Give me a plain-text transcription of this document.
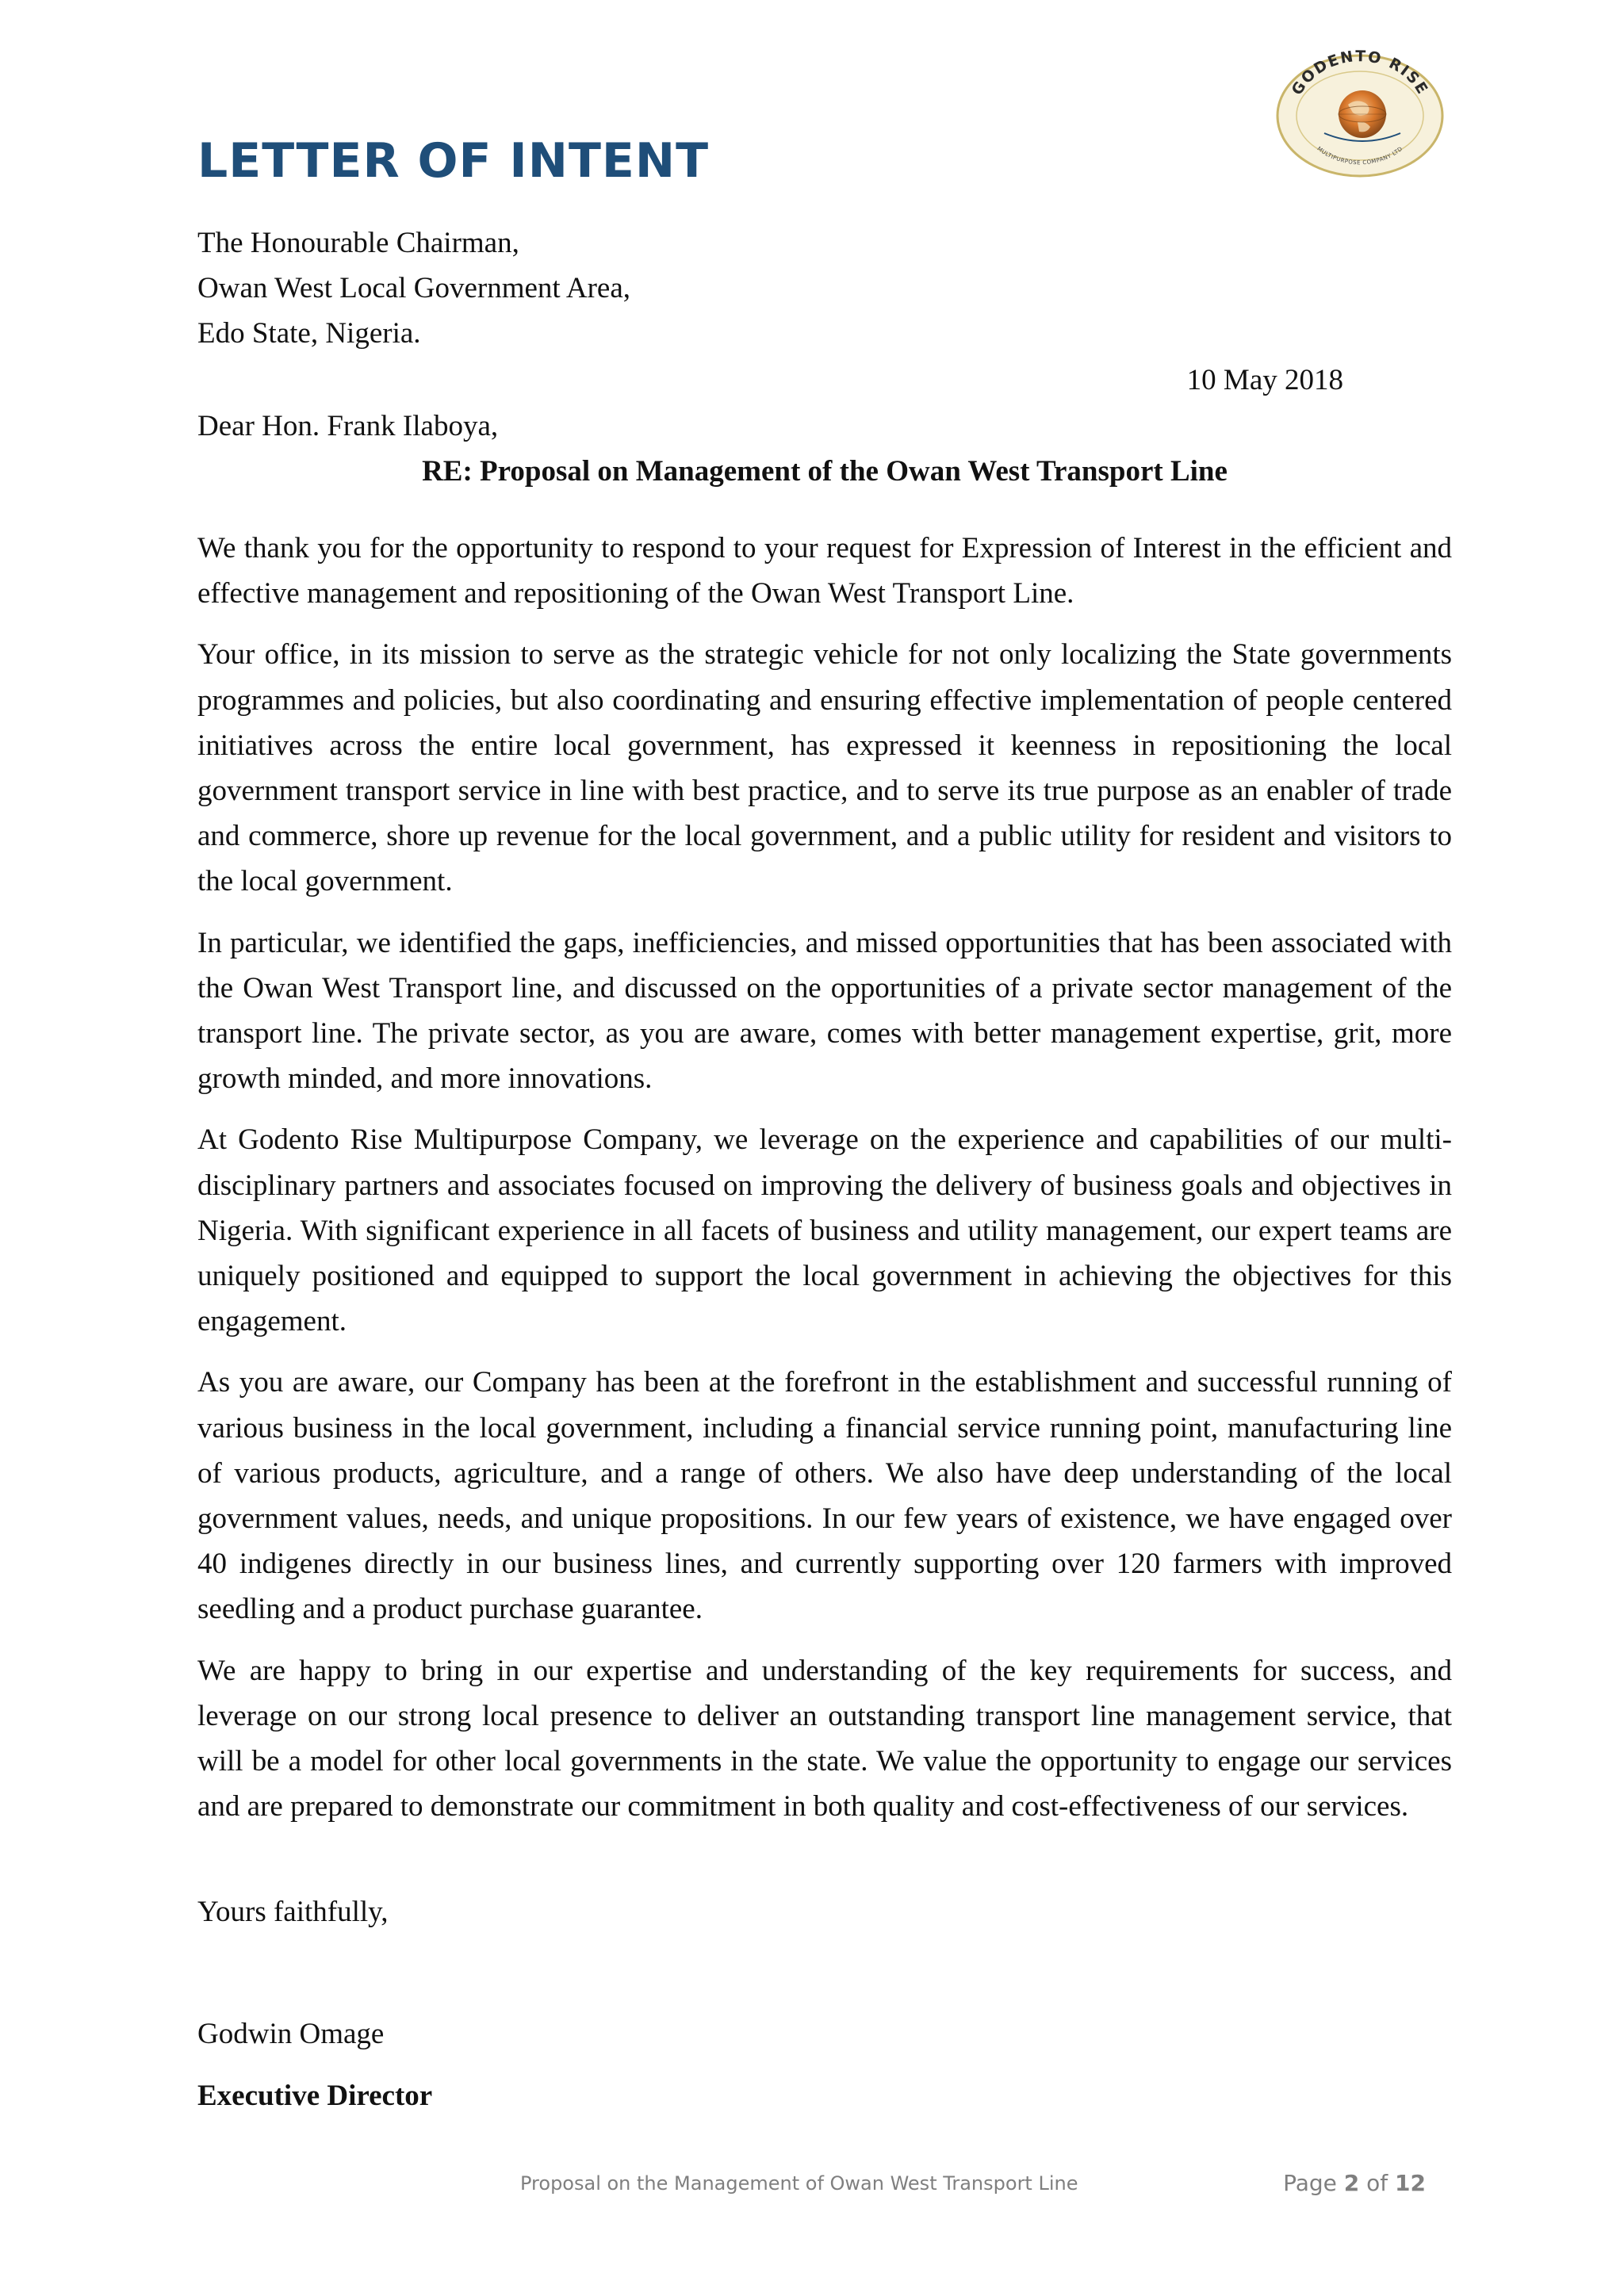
LETTER OF INTENT
GODENTO RISE
MULTIPURPOSE COMPANY LTD
The Honourable Chairman,
Owan West Local Government Area,
Edo State, Nigeria.
10 May 2018
Dear Hon. Frank Ilaboya,
RE: Proposal on Management of the Owan West Transport Line

We thank you for the opportunity to respond to your request for Expression of Interest in the efficient and effective management and repositioning of the Owan West Transport Line.

Your office, in its mission to serve as the strategic vehicle for not only localizing the State governments programmes and policies, but also coordinating and ensuring effective implementation of people centered initiatives across the entire local government, has expressed it keenness in repositioning the local government transport service in line with best practice, and to serve its true purpose as an enabler of trade and commerce, shore up revenue for the local government, and a public utility for resident and visitors to the local government.

In particular, we identified the gaps, inefficiencies, and missed opportunities that has been associated with the Owan West Transport line, and discussed on the opportunities of a private sector management of the transport line. The private sector, as you are aware, comes with better management expertise, grit, more growth minded, and more innovations.

At Godento Rise Multipurpose Company, we leverage on the experience and capabilities of our multi-disciplinary partners and associates focused on improving the delivery of business goals and objectives in Nigeria. With significant experience in all facets of business and utility management, our expert teams are uniquely positioned and equipped to support the local government in achieving the objectives for this engagement.

As you are aware, our Company has been at the forefront in the establishment and successful running of various business in the local government, including a financial service running point, manufacturing line of various products, agriculture, and a range of others. We also have deep understanding of the local government values, needs, and unique propositions. In our few years of existence, we have engaged over 40 indigenes directly in our business lines, and currently supporting over 120 farmers with improved seedling and a product purchase guarantee.

We are happy to bring in our expertise and understanding of the key requirements for success, and leverage on our strong local presence to deliver an outstanding transport line management service, that will be a model for other local governments in the state. We value the opportunity to engage our services and are prepared to demonstrate our commitment in both quality and cost-effectiveness of our services.

Yours faithfully,
Godwin Omage
Executive Director
Proposal on the Management of Owan West Transport Line	Page 2 of 12
